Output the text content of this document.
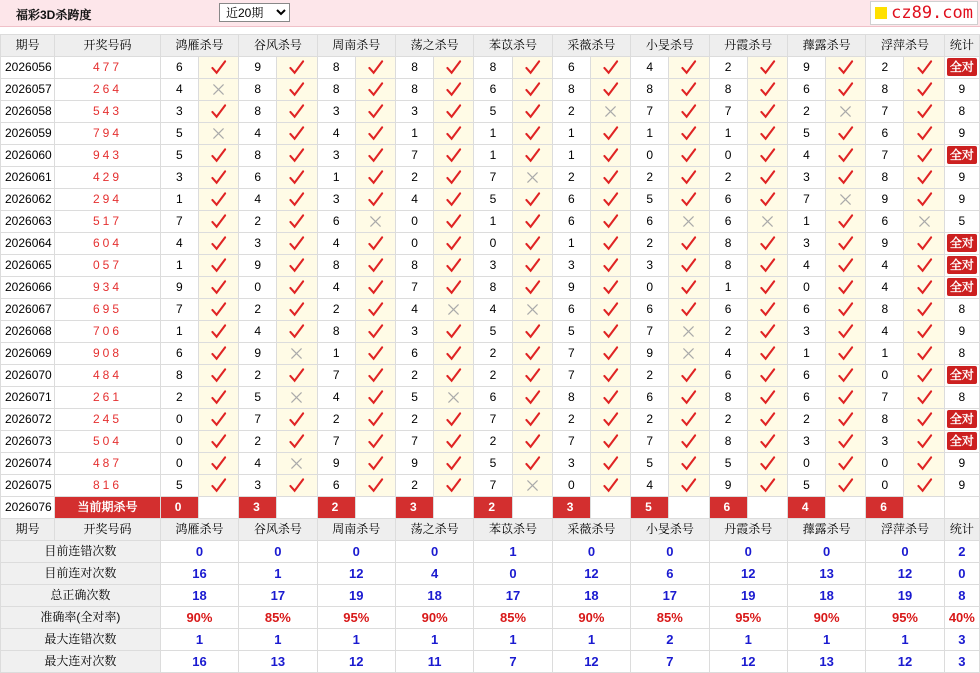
福彩3D杀跨度
近20期	cz89.com
期号	开奖号码	鸿雁杀号		谷风杀号		周南杀号		荡之杀号		苯苡杀号		采薇杀号		小旻杀号		丹霞杀号		蘀露杀号		浮萍杀号		统计
2026056	477	6		9		8		8		8		6		4		2		9		2		全对
2026057	264	4		8		8		8		6		8		8		8		6		8		9
2026058	543	3		8		3		3		5		2		7		7		2		7		8
2026059	794	5		4		4		1		1		1		1		1		5		6		9
2026060	943	5		8		3		7		1		1		0		0		4		7		全对
2026061	429	3		6		1		2		7		2		2		2		3		8		9
2026062	294	1		4		3		4		5		6		5		6		7		9		9
2026063	517	7		2		6		0		1		6		6		6		1		6		5
2026064	604	4		3		4		0		0		1		2		8		3		9		全对
2026065	057	1		9		8		8		3		3		3		8		4		4		全对
2026066	934	9		0		4		7		8		9		0		1		0		4		全对
2026067	695	7		2		2		4		4		6		6		6		6		8		8
2026068	706	1		4		8		3		5		5		7		2		3		4		9
2026069	908	6		9		1		6		2		7		9		4		1		1		8
2026070	484	8		2		7		2		2		7		2		6		6		0		全对
2026071	261	2		5		4		5		6		8		6		8		6		7		8
2026072	245	0		7		2		2		7		2		2		2		2		8		全对
2026073	504	0		2		7		7		2		7		7		8		3		3		全对
2026074	487	0		4		9		9		5		3		5		5		0		0		9
2026075	816	5		3		6		2		7		0		4		9		5		0		9
2026076	当前期杀号	0		3		2		3		2		3		5		6		4		6		
期号	开奖号码	鸿雁杀号		谷风杀号		周南杀号		荡之杀号		苯苡杀号		采薇杀号		小旻杀号		丹霞杀号		蘀露杀号		浮萍杀号		统计
目前连错次数		0		0		0		0		1		0		0		0		0		0		2
目前连对次数		16		1		12		4		0		12		6		12		13		12		0
总正确次数		18		17		19		18		17		18		17		19		18		19		8
准确率(全对率)		90%		85%		95%		90%		85%		90%		85%		95%		90%		95%		40%
最大连错次数		1		1		1		1		1		1		2		1		1		1		3
最大连对次数		16		13		12		11		7		12		7		12		13		12		3
